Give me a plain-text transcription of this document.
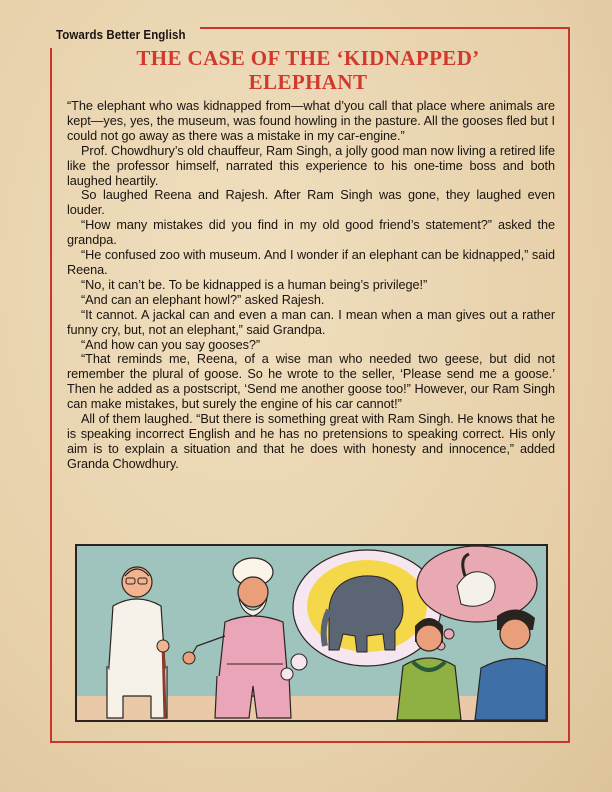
Towards Better English
THE CASE OF THE ‘KIDNAPPED’
ELEPHANT

“The elephant who was kidnapped from—what d’you call that place where animals are kept—yes, yes, the museum, was found howling in the pasture. All the gooses fled but I could not go away as there was a mistake in my car-engine.”

Prof. Chowdhury’s old chauffeur, Ram Singh, a jolly good man now living a retired life like the professor himself, narrated this experience to his one-time boss and both laughed heartily.

So laughed Reena and Rajesh. After Ram Singh was gone, they laughed even louder.

“How many mistakes did you find in my old good friend’s statement?” asked the grandpa.

“He confused zoo with museum. And I wonder if an elephant can be kidnapped,” said Reena.

“No, it can’t be. To be kidnapped is a human being’s privilege!”

“And can an elephant howl?” asked Rajesh.

“It cannot. A jackal can and even a man can. I mean when a man gives out a rather funny cry, but, not an elephant,” said Grandpa.

“And how can you say gooses?”

“That reminds me, Reena, of a wise man who needed two geese, but did not remember the plural of goose. So he wrote to the seller, ‘Please send me a goose.’ Then he added as a postscript, ‘Send me another goose too!” However, our Ram Singh can make mistakes, but surely the engine of his car cannot!”

All of them laughed. “But there is something great with Ram Singh. He knows that he is speaking incorrect English and he has no pretensions to speaking correct. His only aim is to explain a situation and that he does with honesty and innocence,” added Granda Chowdhury.
